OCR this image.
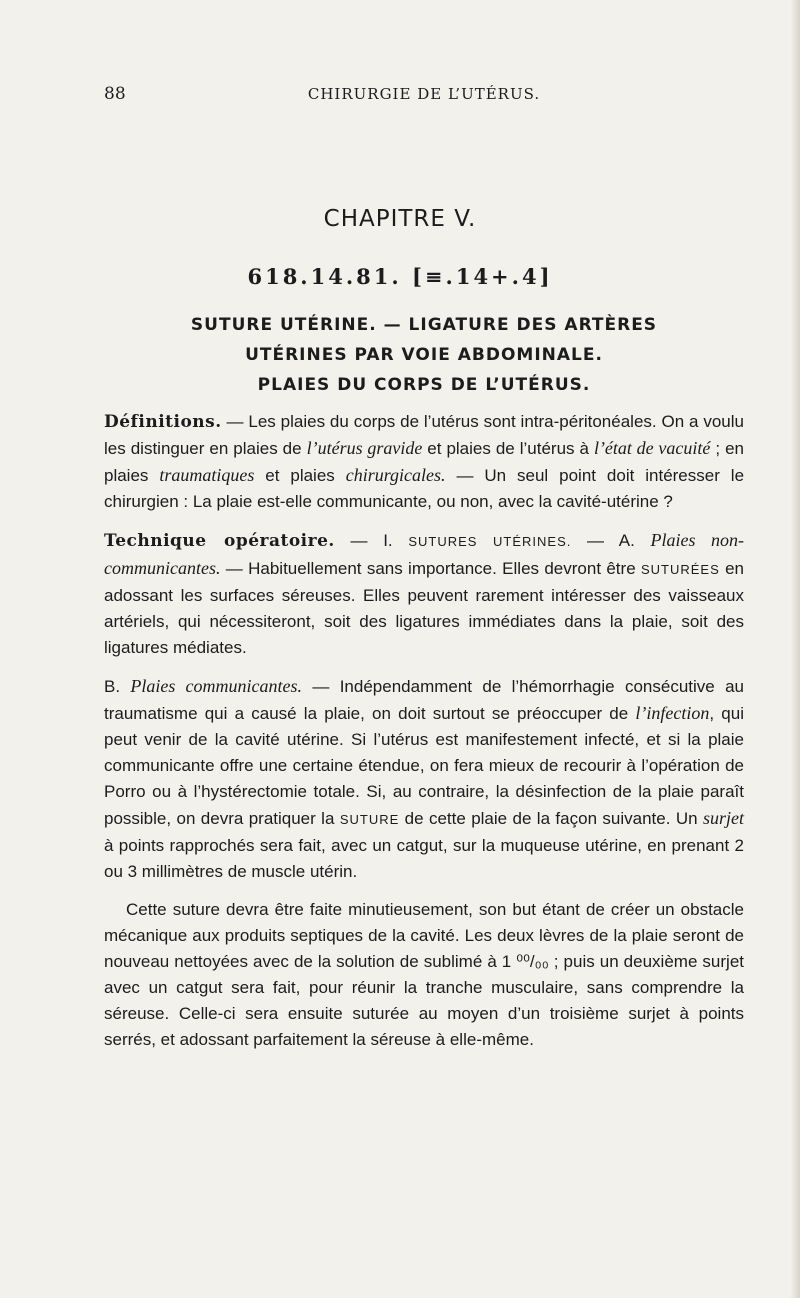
88	CHIRURGIE DE L’UTÉRUS.
CHAPITRE V.
618.14.81. [≡.14+.4]
SUTURE UTÉRINE. — LIGATURE DES ARTÈRES
UTÉRINES PAR VOIE ABDOMINALE.
PLAIES DU CORPS DE L’UTÉRUS.

Définitions. — Les plaies du corps de l’utérus sont intra-péritonéales. On a voulu les distinguer en plaies de l’utérus gravide et plaies de l’utérus à l’état de vacuité ; en plaies traumatiques et plaies chirurgicales. — Un seul point doit intéresser le chirurgien : La plaie est-elle communicante, ou non, avec la cavité-utérine ?

Technique opératoire. — I. SUTURES UTÉRINES. — A. Plaies non-communicantes. — Habituellement sans importance. Elles devront être SUTURÉES en adossant les surfaces séreuses. Elles peuvent rarement intéresser des vaisseaux artériels, qui nécessiteront, soit des ligatures immédiates dans la plaie, soit des ligatures médiates.

B. Plaies communicantes. — Indépendamment de l’hémorrhagie consécutive au traumatisme qui a causé la plaie, on doit surtout se préoccuper de l’infection, qui peut venir de la cavité utérine. Si l’utérus est manifestement infecté, et si la plaie communicante offre une certaine étendue, on fera mieux de recourir à l’opération de Porro ou à l’hystérectomie totale. Si, au contraire, la désinfection de la plaie paraît possible, on devra pratiquer la SUTURE de cette plaie de la façon suivante. Un surjet à points rapprochés sera fait, avec un catgut, sur la muqueuse utérine, en prenant 2 ou 3 millimètres de muscle utérin.

Cette suture devra être faite minutieusement, son but étant de créer un obstacle mécanique aux produits septiques de la cavité. Les deux lèvres de la plaie seront de nouveau nettoyées avec de la solution de sublimé à 1 ⁰⁰/₀₀ ; puis un deuxième surjet avec un catgut sera fait, pour réunir la tranche musculaire, sans comprendre la séreuse. Celle-ci sera ensuite suturée au moyen d’un troisième surjet à points serrés, et adossant parfaitement la séreuse à elle-même.
